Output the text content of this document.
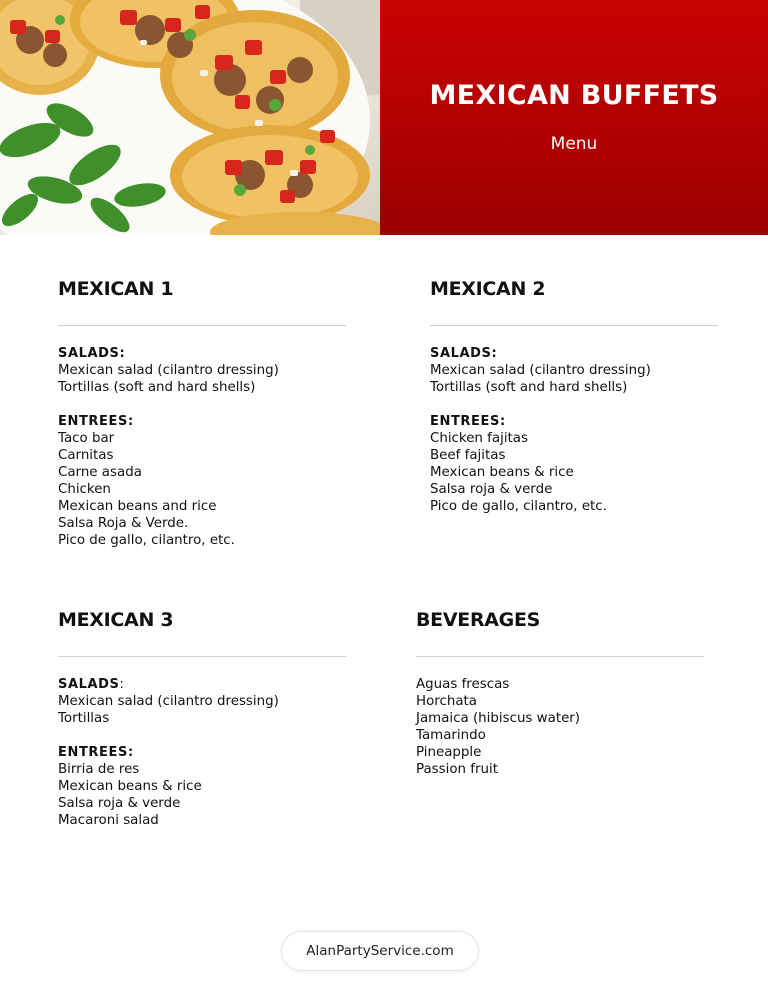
MEXICAN BUFFETS
Menu
MEXICAN 1
SALADS:
Mexican salad (cilantro dressing)
Tortillas (soft and hard shells)
ENTREES:
Taco bar
Carnitas
Carne asada
Chicken
Mexican beans and rice
Salsa Roja & Verde.
Pico de gallo, cilantro, etc.
MEXICAN 2
SALADS:
Mexican salad (cilantro dressing)
Tortillas (soft and hard shells)
ENTREES:
Chicken fajitas
Beef fajitas
Mexican beans & rice
Salsa roja & verde
Pico de gallo, cilantro, etc.
MEXICAN 3
SALADS:
Mexican salad (cilantro dressing)
Tortillas
ENTREES:
Birria de res
Mexican beans & rice
Salsa roja & verde
Macaroni salad
BEVERAGES
Aguas frescas
Horchata
Jamaica (hibiscus water)
Tamarindo
Pineapple
Passion fruit
AlanPartyService.com
